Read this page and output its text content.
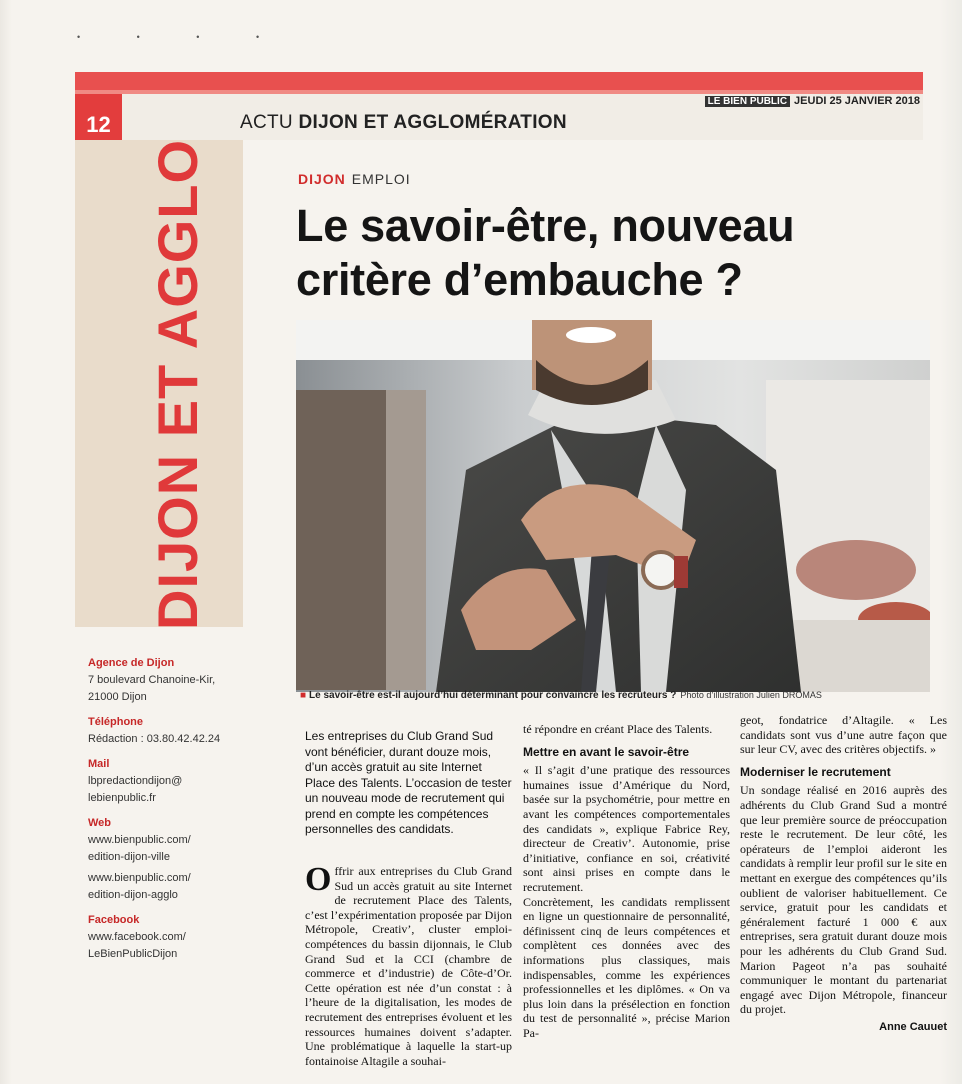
• • • •
12	ACTU DIJON ET AGGLOMÉRATION
LE BIEN PUBLIC JEUDI 25 JANVIER 2018
DIJON ET AGGLO	DIJON EMPLOI
Le savoir-être, nouveau critère d’embauche ?
■ Le savoir-être est-il aujourd’hui déterminant pour convaincre les recruteurs ? Photo d’illustration Julien DROMAS
Agence de Dijon
7 boulevard Chanoine-Kir,
21000 Dijon
Téléphone
Rédaction : 03.80.42.42.24
Mail
lbpredactiondijon@
lebienpublic.fr
Web
www.bienpublic.com/
edition-dijon-ville
www.bienpublic.com/
edition-dijon-agglo
Facebook
www.facebook.com/
LeBienPublicDijon
Les entreprises du Club Grand Sud vont bénéficier, durant douze mois, d’un accès gratuit au site Internet Place des Talents. L’occasion de tester un nouveau mode de recrutement qui prend en compte les compétences personnelles des candidats.
Offrir aux entreprises du Club Grand Sud un accès gratuit au site Internet de recrutement Place des Talents, c’est l’expérimentation proposée par Dijon Métropole, Creativ’, cluster emploi-compétences du bassin dijonnais, le Club Grand Sud et la CCI (chambre de commerce et d’industrie) de Côte-d’Or. Cette opération est née d’un constat : à l’heure de la digitalisation, les modes de recrutement des entreprises évoluent et les ressources humaines doivent s’adapter. Une problématique à laquelle la start-up fontainoise Altagile a souhai-
té répondre en créant Place des Talents.
Mettre en avant le savoir-être
« Il s’agit d’une pratique des ressources humaines issue d’Amérique du Nord, basée sur la psychométrie, pour mettre en avant les compétences comportementales des candidats », explique Fabrice Rey, directeur de Creativ’. Autonomie, prise d’initiative, confiance en soi, créativité sont ainsi prises en compte dans le recrutement.
Concrètement, les candidats remplissent en ligne un questionnaire de personnalité, définissent cinq de leurs compétences et complètent ces données avec des informations plus classiques, mais indispensables, comme les expériences professionnelles et les diplômes. « On va plus loin dans la présélection en fonction du test de personnalité », précise Marion Pa-
geot, fondatrice d’Altagile. « Les candidats sont vus d’une autre façon que sur leur CV, avec des critères objectifs. »
Moderniser le recrutement
Un sondage réalisé en 2016 auprès des adhérents du Club Grand Sud a montré que leur première source de préoccupation reste le recrutement. De leur côté, les opérateurs de l’emploi aideront les candidats à remplir leur profil sur le site en mettant en exergue des compétences qu’ils oublient de valoriser habituellement. Ce service, gratuit pour les candidats et généralement facturé 1 000 € aux entreprises, sera gratuit durant douze mois pour les adhérents du Club Grand Sud. Marion Pageot n’a pas souhaité communiquer le montant du partenariat engagé avec Dijon Métropole, financeur du projet.
Anne Cauuet
